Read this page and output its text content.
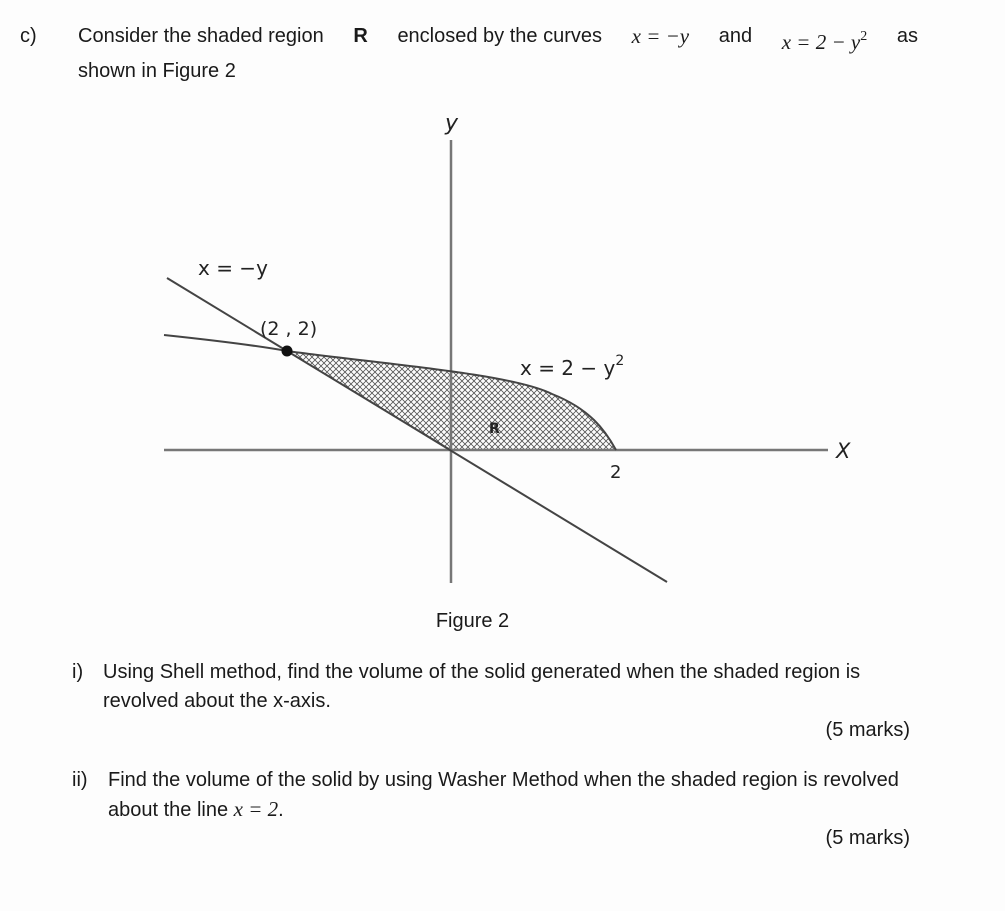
c) Consider the shaded region R enclosed by the curves x = −y and $x = 2 - y^2$ as
shown in Figure 2
y
X
x = −y
$x = 2 - y^2$
(2 , 2)
R
2
Figure 2
i) Using Shell method, find the volume of the solid generated when the shaded region is revolved about the x-axis.
(5 marks)
ii) Find the volume of the solid by using Washer Method when the shaded region is revolved about the line x = 2.
(5 marks)
